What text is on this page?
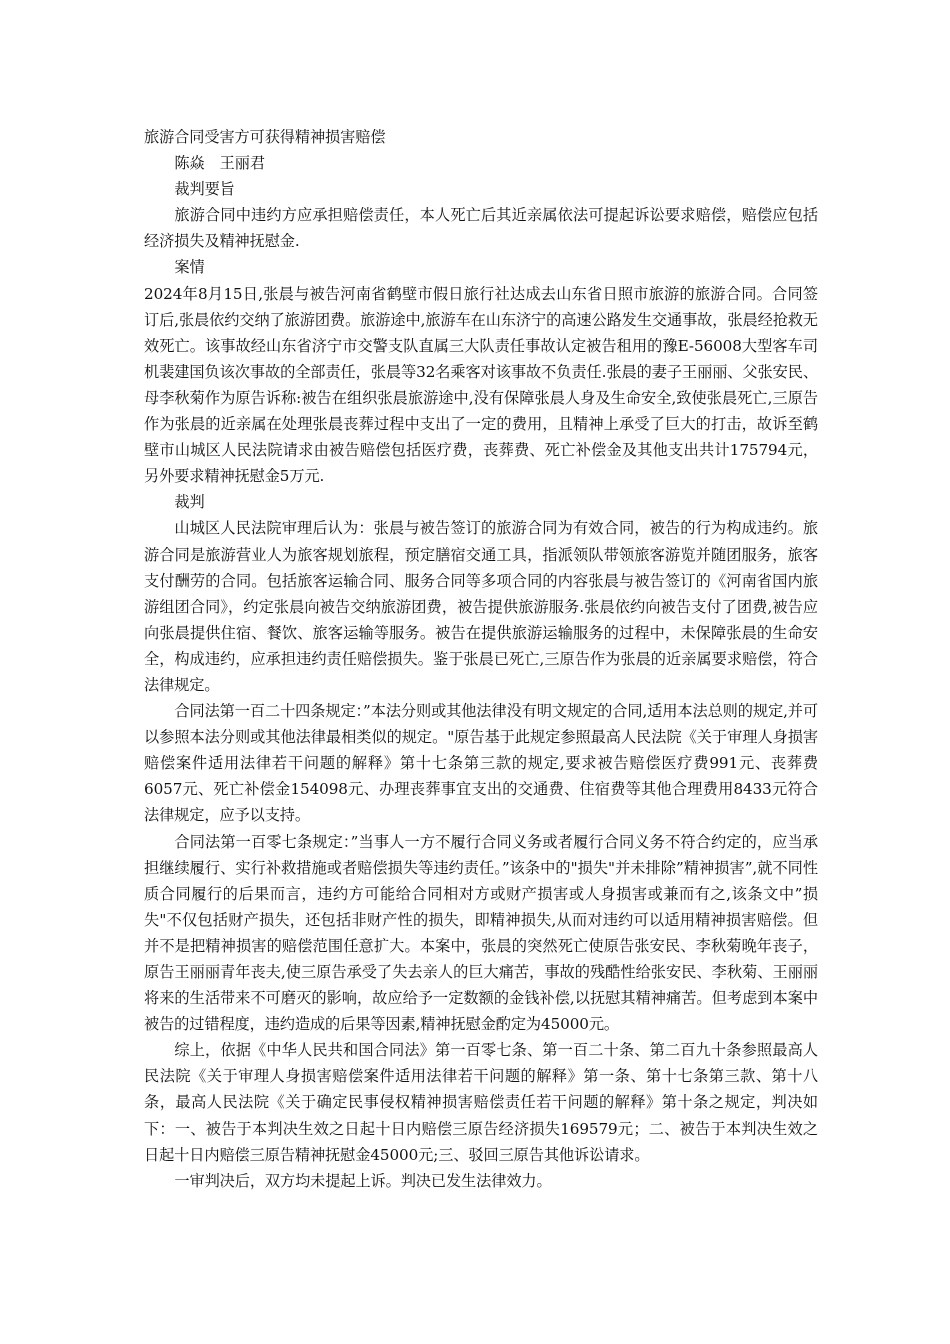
旅游合同受害方可获得精神损害赔偿

陈焱　王丽君

裁判要旨

旅游合同中违约方应承担赔偿责任，本人死亡后其近亲属依法可提起诉讼要求赔偿，赔偿应包括经济损失及精神抚慰金.

案情

2024年8月15日,张晨与被告河南省鹤壁市假日旅行社达成去山东省日照市旅游的旅游合同。合同签订后,张晨依约交纳了旅游团费。旅游途中,旅游车在山东济宁的高速公路发生交通事故，张晨经抢救无效死亡。该事故经山东省济宁市交警支队直属三大队责任事故认定被告租用的豫E-56008大型客车司机裴建国负该次事故的全部责任，张晨等32名乘客对该事故不负责任.张晨的妻子王丽丽、父张安民、母李秋菊作为原告诉称:被告在组织张晨旅游途中,没有保障张晨人身及生命安全,致使张晨死亡,三原告作为张晨的近亲属在处理张晨丧葬过程中支出了一定的费用，且精神上承受了巨大的打击，故诉至鹤壁市山城区人民法院请求由被告赔偿包括医疗费，丧葬费、死亡补偿金及其他支出共计175794元，另外要求精神抚慰金5万元.

裁判

山城区人民法院审理后认为：张晨与被告签订的旅游合同为有效合同，被告的行为构成违约。旅游合同是旅游营业人为旅客规划旅程，预定膳宿交通工具，指派领队带领旅客游览并随团服务，旅客支付酬劳的合同。包括旅客运输合同、服务合同等多项合同的内容张晨与被告签订的《河南省国内旅游组团合同》，约定张晨向被告交纳旅游团费，被告提供旅游服务.张晨依约向被告支付了团费,被告应向张晨提供住宿、餐饮、旅客运输等服务。被告在提供旅游运输服务的过程中，未保障张晨的生命安全，构成违约，应承担违约责任赔偿损失。鉴于张晨已死亡,三原告作为张晨的近亲属要求赔偿，符合法律规定。

合同法第一百二十四条规定：”本法分则或其他法律没有明文规定的合同,适用本法总则的规定,并可以参照本法分则或其他法律最相类似的规定。"原告基于此规定参照最高人民法院《关于审理人身损害赔偿案件适用法律若干问题的解释》第十七条第三款的规定,要求被告赔偿医疗费991元、丧葬费6057元、死亡补偿金154098元、办理丧葬事宜支出的交通费、住宿费等其他合理费用8433元符合法律规定，应予以支持。

合同法第一百零七条规定：”当事人一方不履行合同义务或者履行合同义务不符合约定的，应当承担继续履行、实行补救措施或者赔偿损失等违约责任。”该条中的"损失"并未排除”精神损害”,就不同性质合同履行的后果而言，违约方可能给合同相对方或财产损害或人身损害或兼而有之,该条文中”损失"不仅包括财产损失，还包括非财产性的损失，即精神损失,从而对违约可以适用精神损害赔偿。但并不是把精神损害的赔偿范围任意扩大。本案中，张晨的突然死亡使原告张安民、李秋菊晚年丧子，原告王丽丽青年丧夫,使三原告承受了失去亲人的巨大痛苦，事故的残酷性给张安民、李秋菊、王丽丽将来的生活带来不可磨灭的影响，故应给予一定数额的金钱补偿,以抚慰其精神痛苦。但考虑到本案中被告的过错程度，违约造成的后果等因素,精神抚慰金酌定为45000元。

综上，依据《中华人民共和国合同法》第一百零七条、第一百二十条、第二百九十条参照最高人民法院《关于审理人身损害赔偿案件适用法律若干问题的解释》第一条、第十七条第三款、第十八条，最高人民法院《关于确定民事侵权精神损害赔偿责任若干问题的解释》第十条之规定，判决如下：一、被告于本判决生效之日起十日内赔偿三原告经济损失169579元；二、被告于本判决生效之日起十日内赔偿三原告精神抚慰金45000元;三、驳回三原告其他诉讼请求。

一审判决后，双方均未提起上诉。判决已发生法律效力。
